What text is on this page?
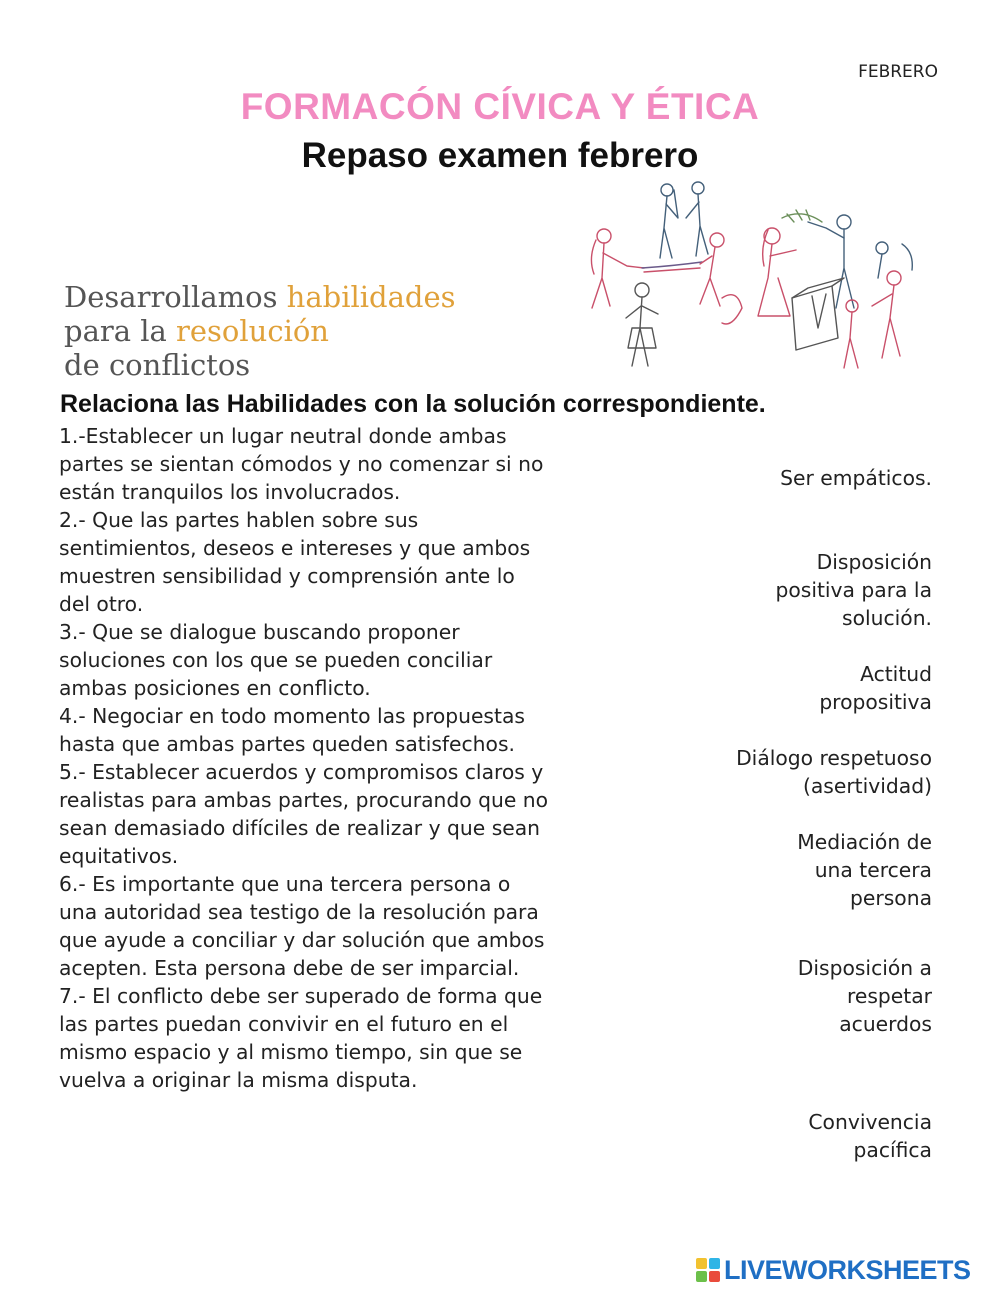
FEBRERO
FORMACÓN CÍVICA Y ÉTICA
Repaso examen febrero
Desarrollamos habilidades
para la resolución
de conflictos
Relaciona las Habilidades con la solución correspondiente.

1.-Establecer un lugar neutral donde ambas partes se sientan cómodos y no comenzar si no están tranquilos los involucrados.

2.- Que las partes hablen sobre sus sentimientos, deseos e intereses y que ambos muestren sensibilidad y comprensión ante lo del otro.

3.- Que se dialogue buscando proponer soluciones con los que se pueden conciliar ambas posiciones en conflicto.

4.- Negociar en todo momento las propuestas hasta que ambas partes queden satisfechos.

5.- Establecer acuerdos y compromisos claros y realistas para ambas partes, procurando que no sean demasiado difíciles de realizar y que sean equitativos.

6.- Es importante que una tercera persona o una autoridad sea testigo de la resolución para que ayude a conciliar y dar solución que ambos acepten. Esta persona debe de ser imparcial.

7.- El conflicto debe ser superado de forma que las partes puedan convivir en el futuro en el mismo espacio y al mismo tiempo, sin que se vuelva a originar la misma disputa.

Ser empáticos.
Disposición positiva para la solución.
Actitud propositiva
Diálogo respetuoso (asertividad)
Mediación de una tercera persona
Disposición a respetar acuerdos
Convivencia pacífica
LIVEWORKSHEETS
